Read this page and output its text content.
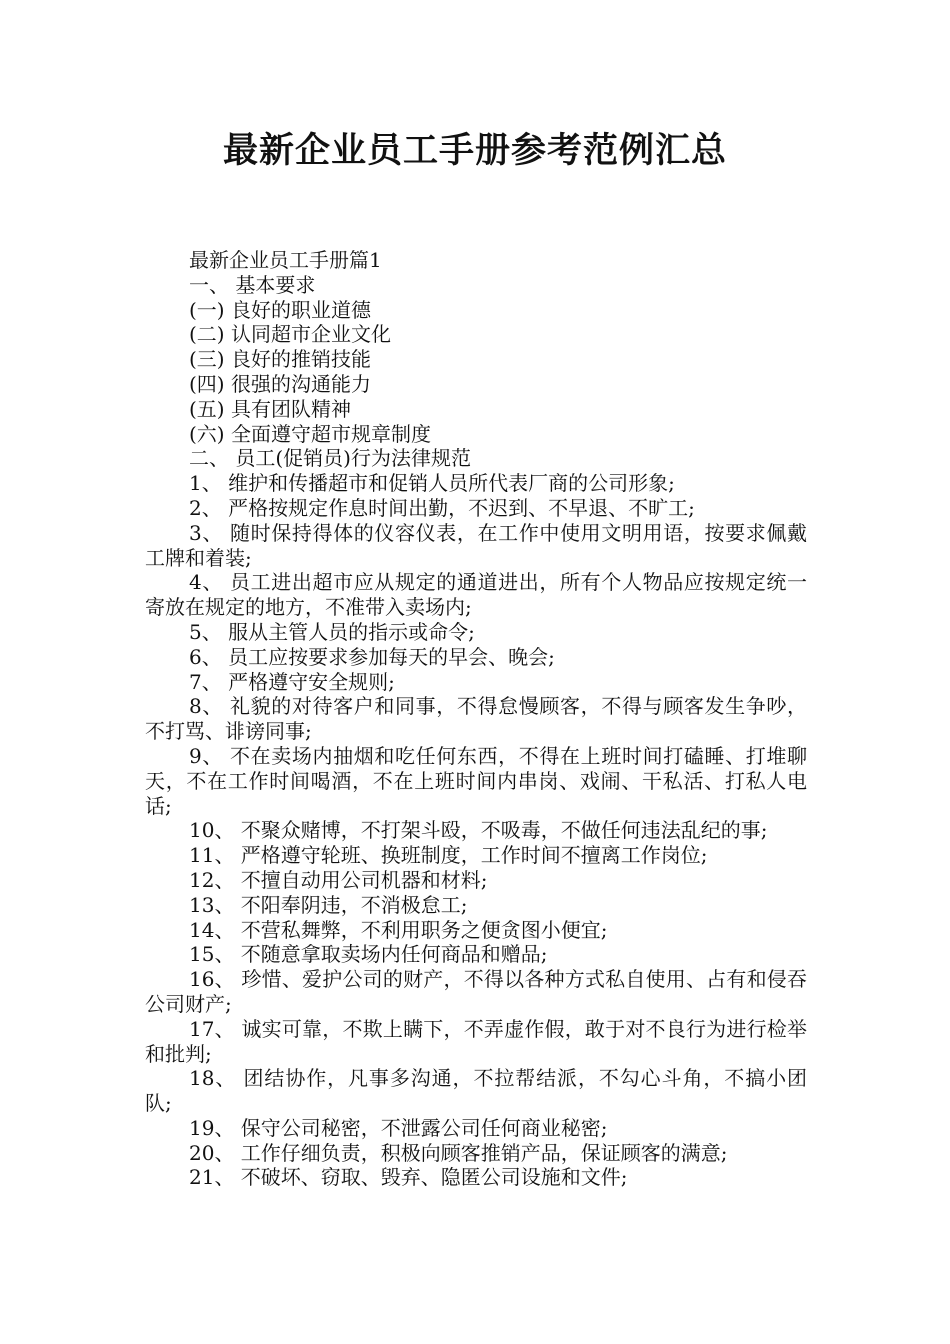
最新企业员工手册参考范例汇总

最新企业员工手册篇1

一、 基本要求

(一) 良好的职业道德

(二) 认同超市企业文化

(三) 良好的推销技能

(四) 很强的沟通能力

(五) 具有团队精神

(六) 全面遵守超市规章制度

二、 员工(促销员)行为法律规范

1、 维护和传播超市和促销人员所代表厂商的公司形象;

2、 严格按规定作息时间出勤，不迟到、不早退、不旷工;

3、 随时保持得体的仪容仪表，在工作中使用文明用语，按要求佩戴工牌和着装;

4、 员工进出超市应从规定的通道进出，所有个人物品应按规定统一寄放在规定的地方，不准带入卖场内;

5、 服从主管人员的指示或命令;

6、 员工应按要求参加每天的早会、晚会;

7、 严格遵守安全规则;

8、 礼貌的对待客户和同事，不得怠慢顾客，不得与顾客发生争吵，不打骂、诽谤同事;

9、 不在卖场内抽烟和吃任何东西，不得在上班时间打磕睡、打堆聊天，不在工作时间喝酒，不在上班时间内串岗、戏闹、干私活、打私人电话;

10、 不聚众赌博，不打架斗殴，不吸毒，不做任何违法乱纪的事;

11、 严格遵守轮班、换班制度，工作时间不擅离工作岗位;

12、 不擅自动用公司机器和材料;

13、 不阳奉阴违，不消极怠工;

14、 不营私舞弊，不利用职务之便贪图小便宜;

15、 不随意拿取卖场内任何商品和赠品;

16、 珍惜、爱护公司的财产，不得以各种方式私自使用、占有和侵吞公司财产;

17、 诚实可靠，不欺上瞒下，不弄虚作假，敢于对不良行为进行检举和批判;

18、 团结协作，凡事多沟通，不拉帮结派，不勾心斗角，不搞小团队;

19、 保守公司秘密，不泄露公司任何商业秘密;

20、 工作仔细负责，积极向顾客推销产品，保证顾客的满意;

21、 不破坏、窃取、毁弃、隐匿公司设施和文件;
